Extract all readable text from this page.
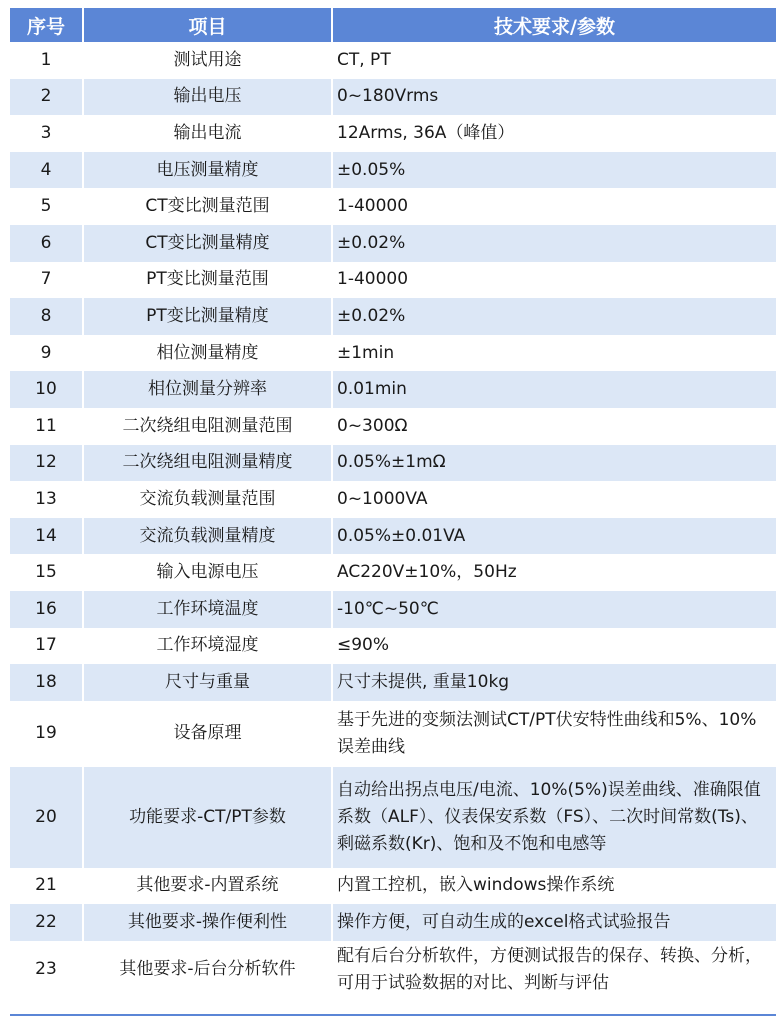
序号	项目	技术要求/参数
1	测试用途	CT, PT
2	输出电压	0~180Vrms
3	输出电流	12Arms, 36A（峰值）
4	电压测量精度	±0.05%
5	CT变比测量范围	1-40000
6	CT变比测量精度	±0.02%
7	PT变比测量范围	1-40000
8	PT变比测量精度	±0.02%
9	相位测量精度	±1min
10	相位测量分辨率	0.01min
11	二次绕组电阻测量范围	0~300Ω
12	二次绕组电阻测量精度	0.05%±1mΩ
13	交流负载测量范围	0~1000VA
14	交流负载测量精度	0.05%±0.01VA
15	输入电源电压	AC220V±10%，50Hz
16	工作环境温度	-10℃~50℃
17	工作环境湿度	≤90%
18	尺寸与重量	尺寸未提供, 重量10kg
19	设备原理	基于先进的变频法测试CT/PT伏安特性曲线和5%、10%误差曲线
20	功能要求-CT/PT参数	自动给出拐点电压/电流、10%(5%)误差曲线、准确限值系数（ALF）、仪表保安系数（FS）、二次时间常数(Ts)、剩磁系数(Kr)、饱和及不饱和电感等

21	其他要求-内置系统	内置工控机，嵌入windows操作系统
22	其他要求-操作便利性	操作方便，可自动生成的excel格式试验报告
23	其他要求-后台分析软件	配有后台分析软件，方便测试报告的保存、转换、分析，可用于试验数据的对比、判断与评估
